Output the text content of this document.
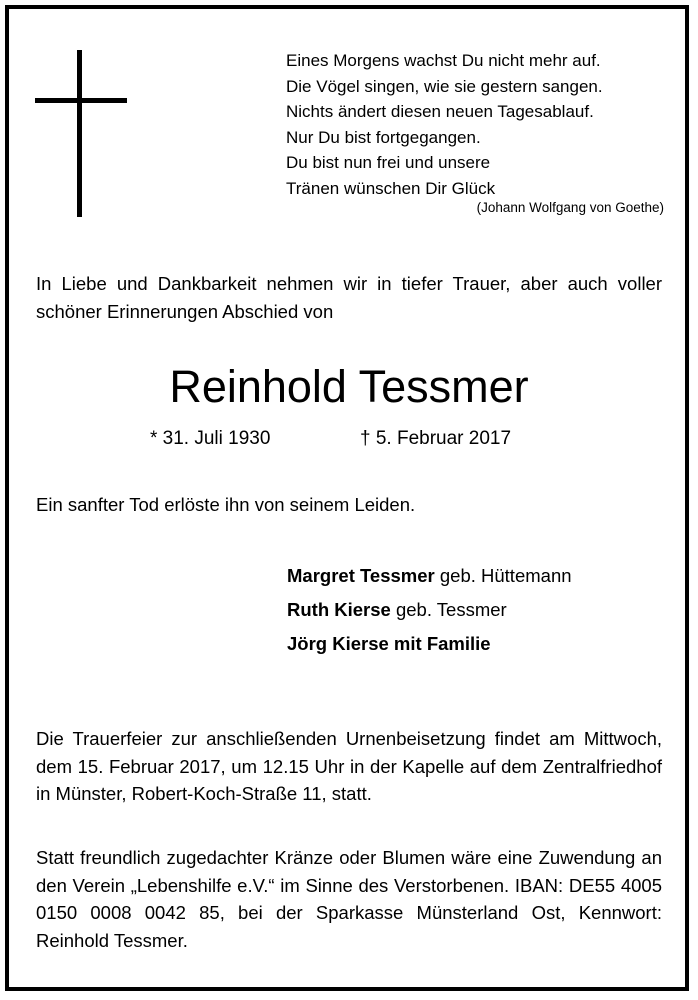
Eines Morgens wachst Du nicht mehr auf.
Die Vögel singen, wie sie gestern sangen.
Nichts ändert diesen neuen Tagesablauf.
Nur Du bist fortgegangen.
Du bist nun frei und unsere
Tränen wünschen Dir Glück
(Johann Wolfgang von Goethe)
In Liebe und Dankbarkeit nehmen wir in tiefer Trauer, aber auch voller schöner Erinnerungen Abschied von
Reinhold Tessmer
* 31. Juli 1930	† 5. Februar 2017
Ein sanfter Tod erlöste ihn von seinem Leiden.
Margret Tessmer geb. Hüttemann
Ruth Kierse geb. Tessmer
Jörg Kierse mit Familie
Die Trauerfeier zur anschließenden Urnenbeisetzung findet am Mittwoch, dem 15. Februar 2017, um 12.15 Uhr in der Kapelle auf dem Zentralfriedhof in Münster, Robert-Koch-Straße 11, statt.
Statt freundlich zugedachter Kränze oder Blumen wäre eine Zuwendung an den Verein „Lebenshilfe e.V.“ im Sinne des Verstorbenen. IBAN: DE55 4005 0150 0008 0042 85, bei der Sparkasse Münsterland Ost, Kennwort: Reinhold Tessmer.
